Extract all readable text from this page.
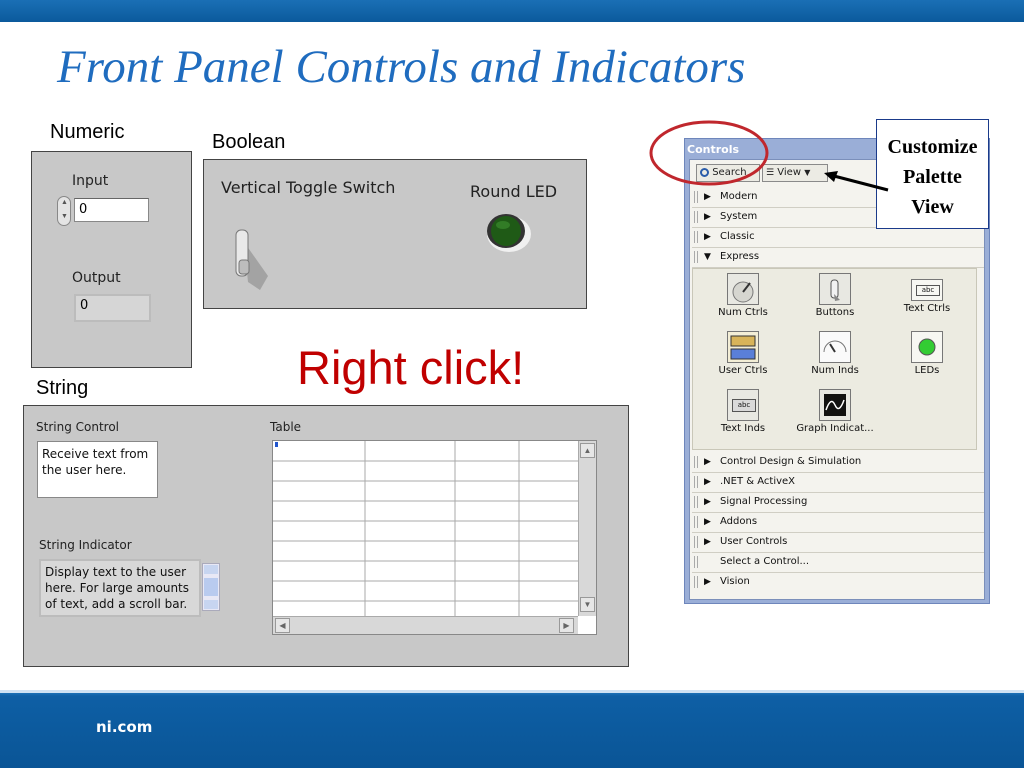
Front Panel Controls and Indicators
Numeric
Input
▲
▼ 0
Output
0
Boolean
Vertical Toggle Switch	Round LED
Right click!
String
String Control
Receive text from the user here.
String Indicator
Display text to the user here. For large amounts of text, add a scroll bar.
Table
▲
▼
◀	▶
Controls
Search	☰ View ▼
▶ Modern
▶ System
▶ Classic
▼ Express
Num Ctrls	Buttons
abc
Text Ctrls
User Ctrls	Num Inds	LEDs
abc
Text Inds	Graph Indicat...
▶ Control Design & Simulation
▶ .NET & ActiveX
▶ Signal Processing
▶ Addons
▶ User Controls
Select a Control...
▶ Vision
Customize
Palette
View
ni.com
